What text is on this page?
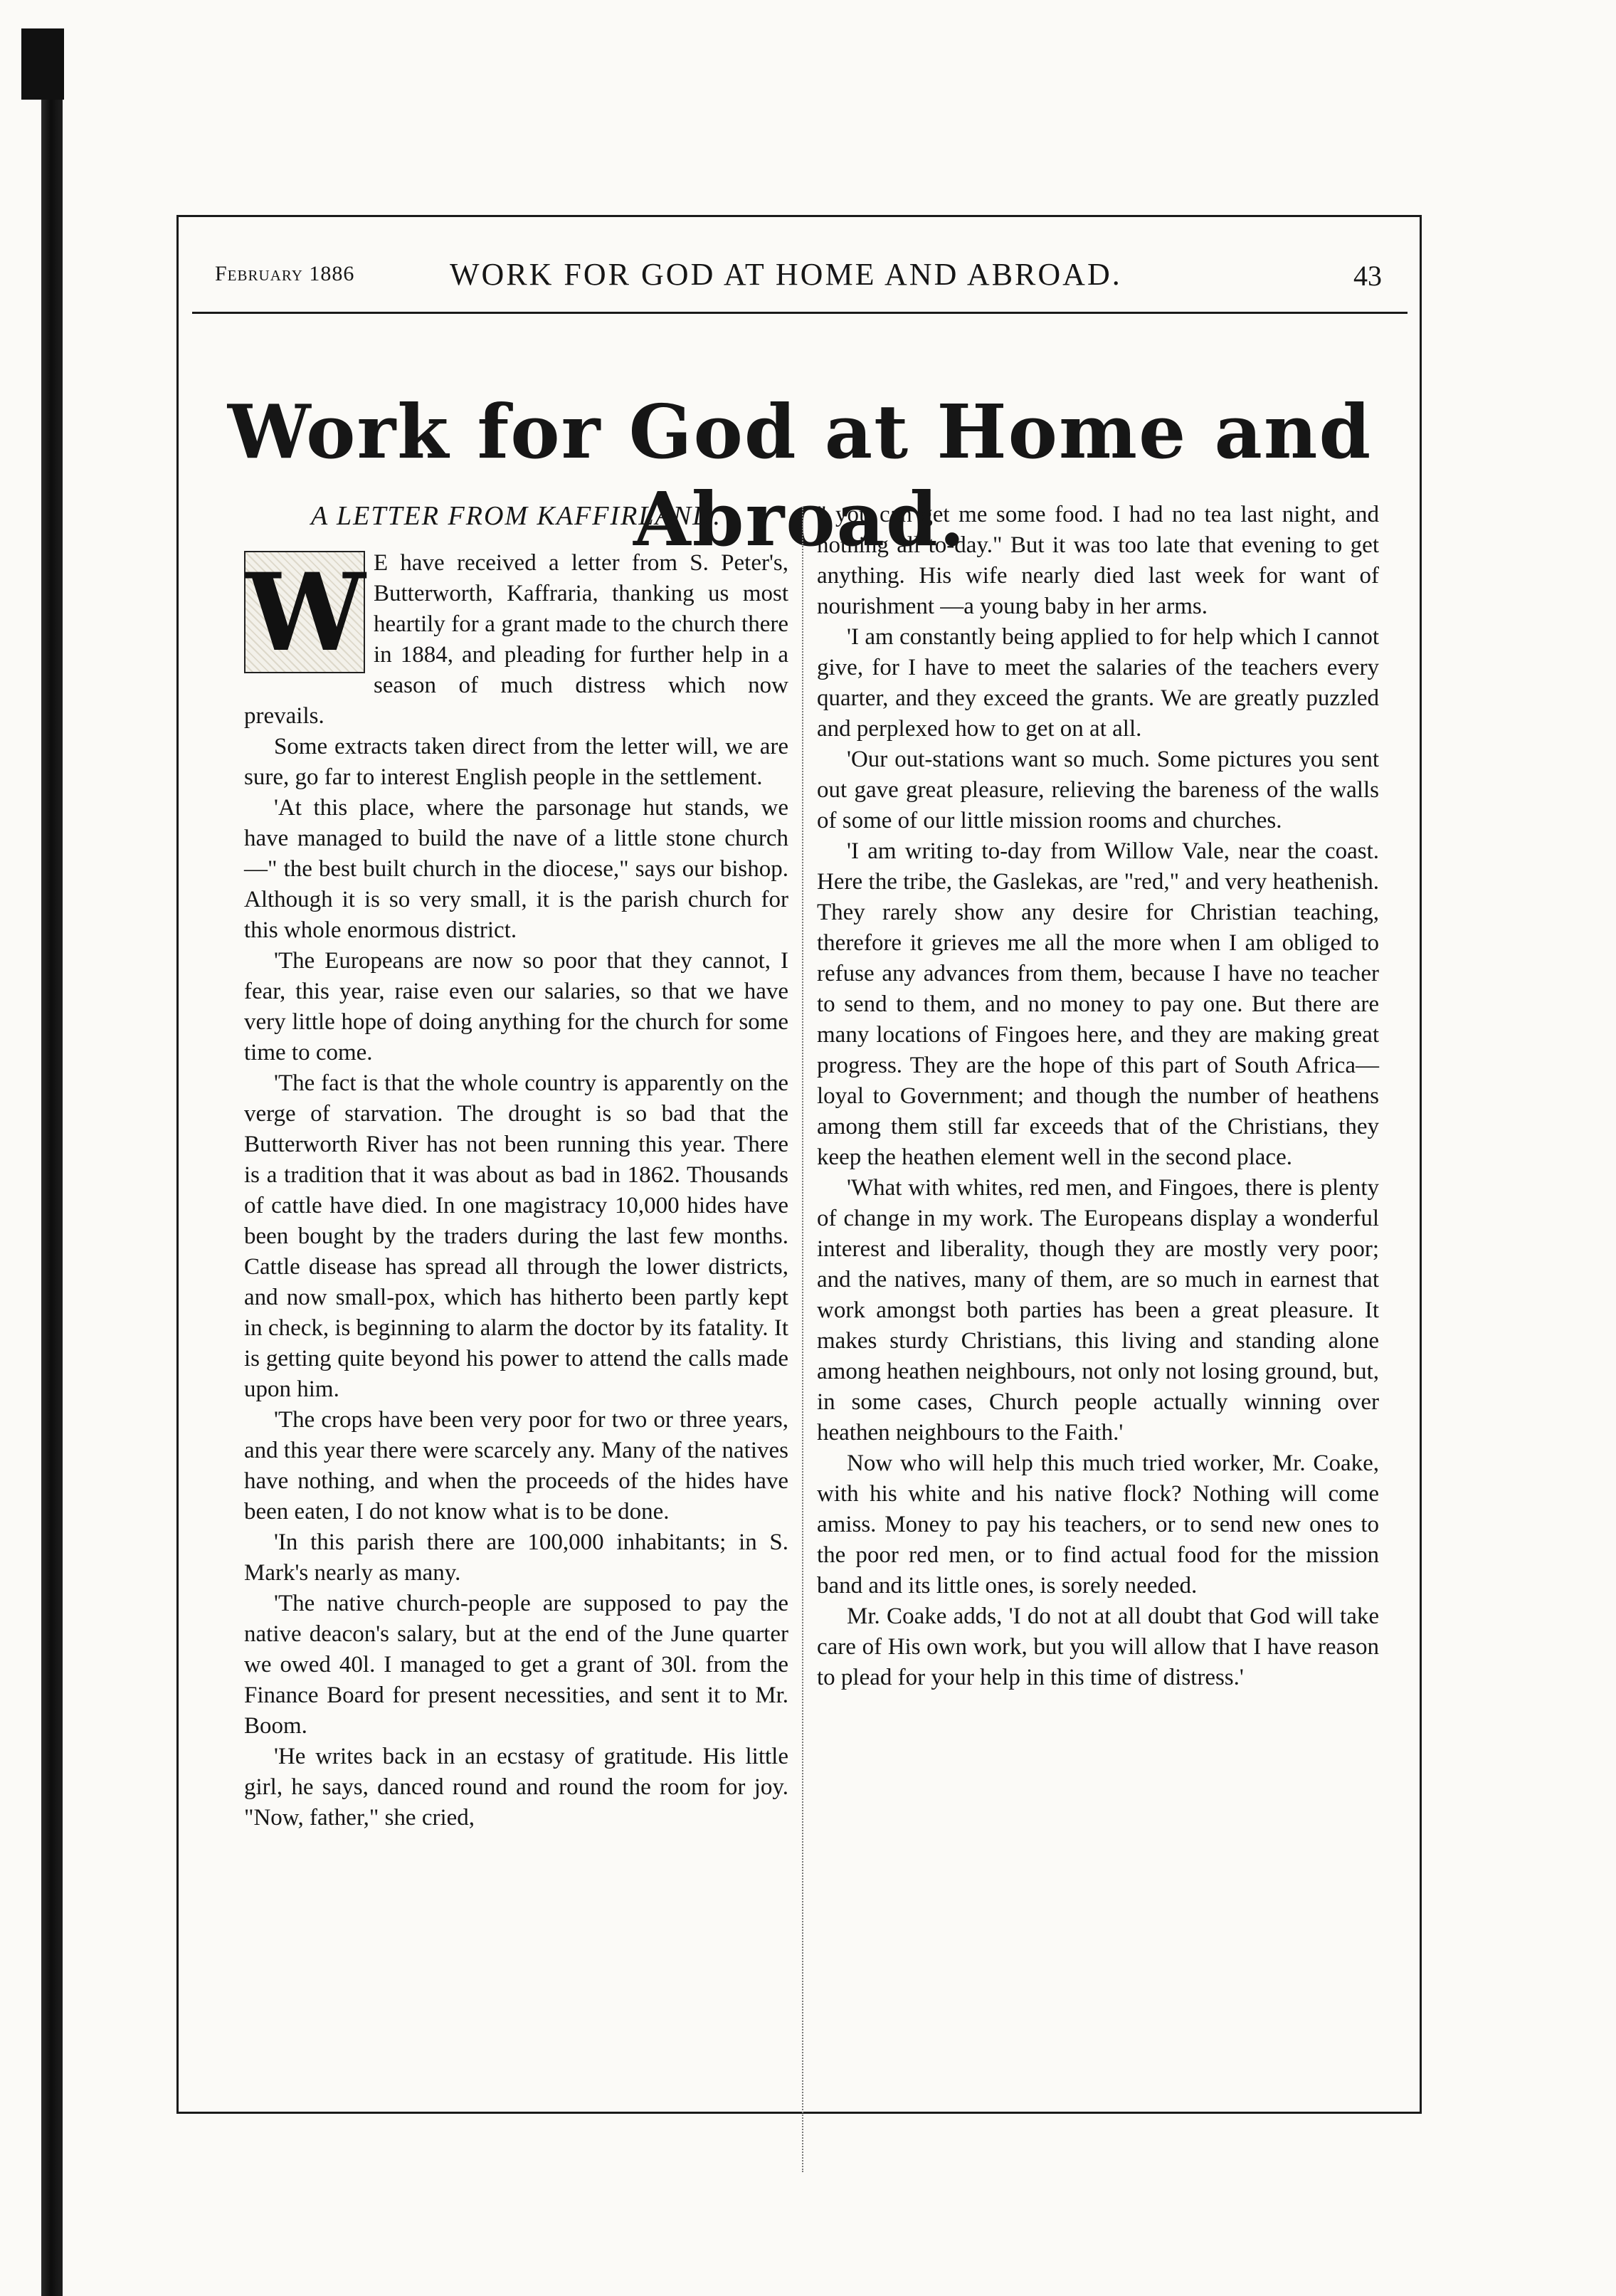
February 1886	WORK FOR GOD AT HOME AND ABROAD.	43
Work for God at Home and Abroad.
A LETTER FROM KAFFIRLAND.
W E have received a letter from S. Peter's, Butterworth, Kaffraria, thanking us most heartily for a grant made to the church there in 1884, and pleading for further help in a season of much distress which now prevails.

Some extracts taken direct from the letter will, we are sure, go far to interest English people in the settlement.

'At this place, where the parsonage hut stands, we have managed to build the nave of a little stone church—" the best built church in the diocese," says our bishop. Although it is so very small, it is the parish church for this whole enormous district.

'The Europeans are now so poor that they cannot, I fear, this year, raise even our salaries, so that we have very little hope of doing anything for the church for some time to come.

'The fact is that the whole country is apparently on the verge of starvation. The drought is so bad that the Butterworth River has not been running this year. There is a tradition that it was about as bad in 1862. Thousands of cattle have died. In one magistracy 10,000 hides have been bought by the traders during the last few months. Cattle disease has spread all through the lower districts, and now small-pox, which has hitherto been partly kept in check, is beginning to alarm the doctor by its fatality. It is getting quite beyond his power to attend the calls made upon him.

'The crops have been very poor for two or three years, and this year there were scarcely any. Many of the natives have nothing, and when the proceeds of the hides have been eaten, I do not know what is to be done.

'In this parish there are 100,000 inhabitants; in S. Mark's nearly as many.

'The native church-people are supposed to pay the native deacon's salary, but at the end of the June quarter we owed 40l. I managed to get a grant of 30l. from the Finance Board for present necessities, and sent it to Mr. Boom.

'He writes back in an ecstasy of gratitude. His little girl, he says, danced round and round the room for joy. "Now, father," she cried,

" you can get me some food. I had no tea last night, and nothing all to-day." But it was too late that evening to get anything. His wife nearly died last week for want of nourishment —a young baby in her arms.

'I am constantly being applied to for help which I cannot give, for I have to meet the salaries of the teachers every quarter, and they exceed the grants. We are greatly puzzled and perplexed how to get on at all.

'Our out-stations want so much. Some pictures you sent out gave great pleasure, relieving the bareness of the walls of some of our little mission rooms and churches.

'I am writing to-day from Willow Vale, near the coast. Here the tribe, the Gaslekas, are "red," and very heathenish. They rarely show any desire for Christian teaching, therefore it grieves me all the more when I am obliged to refuse any advances from them, because I have no teacher to send to them, and no money to pay one. But there are many locations of Fingoes here, and they are making great progress. They are the hope of this part of South Africa—loyal to Government; and though the number of heathens among them still far exceeds that of the Christians, they keep the heathen element well in the second place.

'What with whites, red men, and Fingoes, there is plenty of change in my work. The Europeans display a wonderful interest and liberality, though they are mostly very poor; and the natives, many of them, are so much in earnest that work amongst both parties has been a great pleasure. It makes sturdy Christians, this living and standing alone among heathen neighbours, not only not losing ground, but, in some cases, Church people actually winning over heathen neighbours to the Faith.'

Now who will help this much tried worker, Mr. Coake, with his white and his native flock? Nothing will come amiss. Money to pay his teachers, or to send new ones to the poor red men, or to find actual food for the mission band and its little ones, is sorely needed.

Mr. Coake adds, 'I do not at all doubt that God will take care of His own work, but you will allow that I have reason to plead for your help in this time of distress.'
